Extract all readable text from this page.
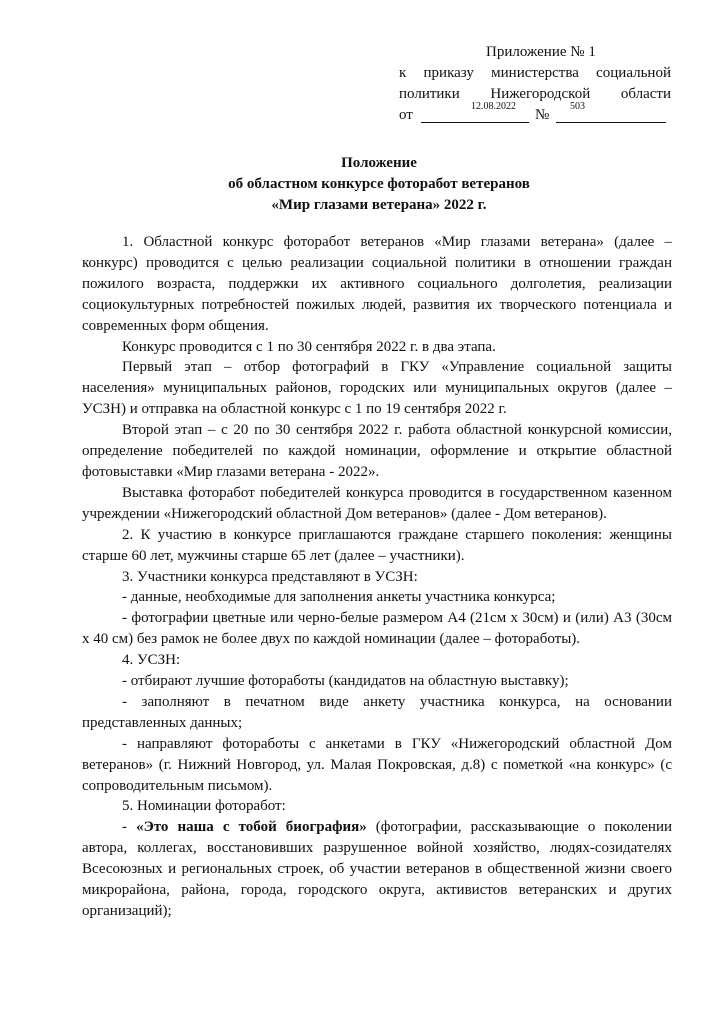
Приложение № 1
к приказу министерства социальной
политики Нижегородской области
от
12.08.2022
№
503
Положение
об областном конкурсе фоторабот ветеранов
«Мир глазами ветерана» 2022 г.

1. Областной конкурс фоторабот ветеранов «Мир глазами ветерана» (далее – конкурс) проводится с целью реализации социальной политики в отношении граждан пожилого возраста, поддержки их активного социального долголетия, реализации социокультурных потребностей пожилых людей, развития их творческого потенциала и современных форм общения.

Конкурс проводится с 1 по 30 сентября 2022 г. в два этапа.

Первый этап – отбор фотографий в ГКУ «Управление социальной защиты населения» муниципальных районов, городских или муниципальных округов (далее – УСЗН) и отправка на областной конкурс с 1 по 19 сентября 2022 г.

Второй этап – с 20 по 30 сентября 2022 г. работа областной конкурсной комиссии, определение победителей по каждой номинации, оформление и открытие областной фотовыставки «Мир глазами ветерана - 2022».

Выставка фоторабот победителей конкурса проводится в государственном казенном учреждении «Нижегородский областной Дом ветеранов» (далее - Дом ветеранов).

2. К участию в конкурсе приглашаются граждане старшего поколения: женщины старше 60 лет, мужчины старше 65 лет (далее – участники).

3. Участники конкурса представляют в УСЗН:

- данные, необходимые для заполнения анкеты участника конкурса;

- фотографии цветные или черно-белые размером А4 (21см х 30см) и (или) А3 (30см х 40 см) без рамок не более двух по каждой номинации (далее – фотоработы).

4. УСЗН:

- отбирают лучшие фотоработы (кандидатов на областную выставку);

- заполняют в печатном виде анкету участника конкурса, на основании представленных данных;

- направляют фотоработы с анкетами в ГКУ «Нижегородский областной Дом ветеранов» (г. Нижний Новгород, ул. Малая Покровская, д.8) с пометкой «на конкурс» (с сопроводительным письмом).

5. Номинации фоторабот:

- «Это наша с тобой биография» (фотографии, рассказывающие о поколении автора, коллегах, восстановивших разрушенное войной хозяйство, людях-созидателях Всесоюзных и региональных строек, об участии ветеранов в общественной жизни своего микрорайона, района, города, городского округа, активистов ветеранских и других организаций);
